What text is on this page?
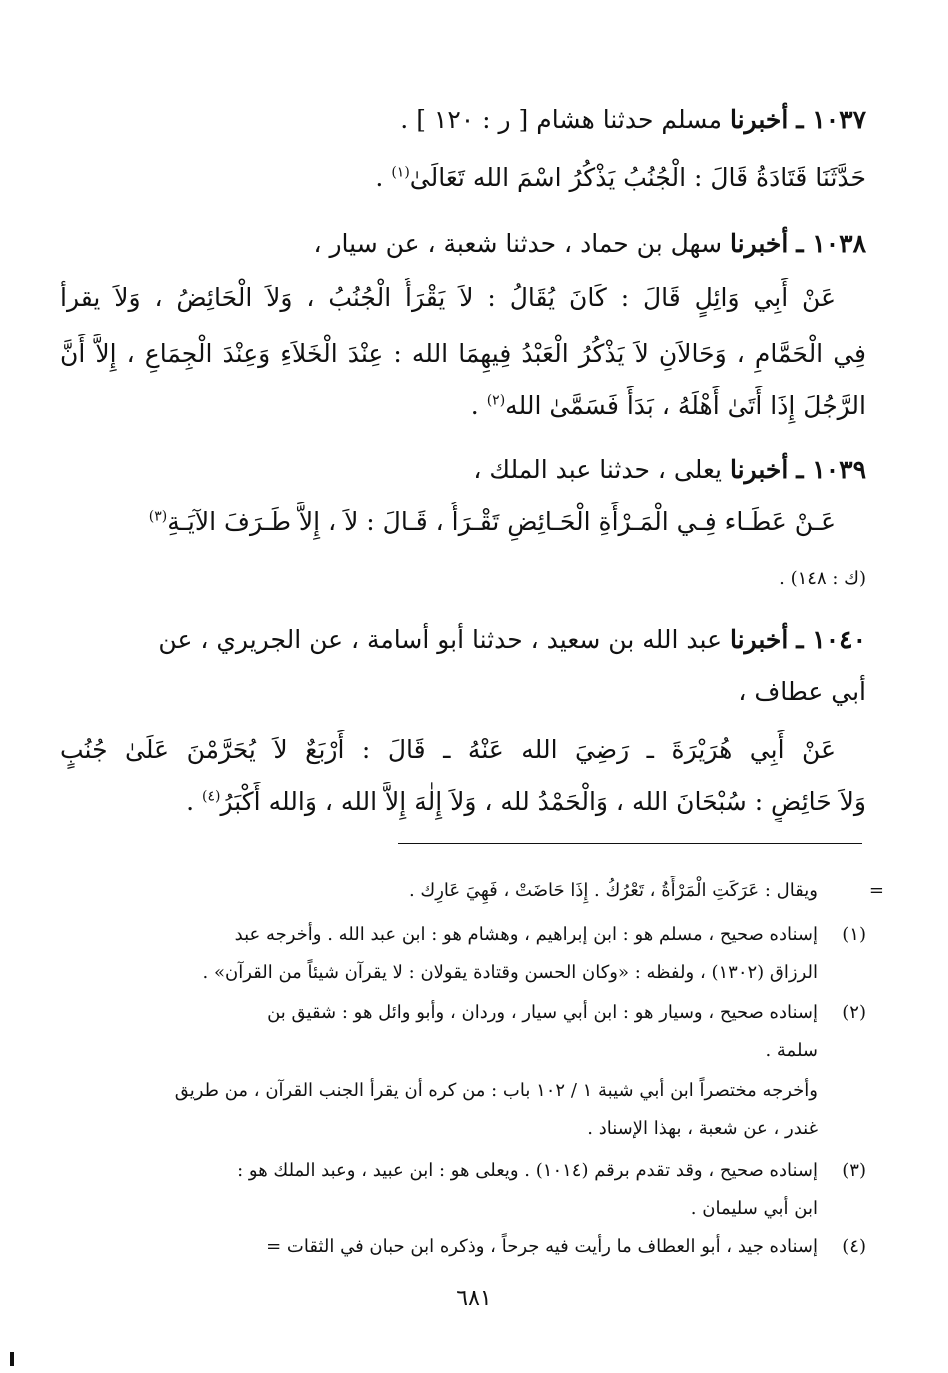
١٠٣٧ ـ أخبرنا مسلم حدثنا هشام [ ر : ١٢٠ ] .
حَدَّثَنَا قَتَادَةُ قَالَ : الْجُنُبُ يَذْكُرُ اسْمَ الله تَعَالَىٰ$^{(١)}$ .
١٠٣٨ ـ أخبرنا سهل بن حماد ، حدثنا شعبة ، عن سيار ،
عَنْ أَبِي وَائِلٍ قَالَ : كَانَ يُقَالُ : لاَ يَقْرَأُ الْجُنُبُ ، وَلاَ الْحَائِضُ ، وَلاَ يقرأ
فِي الْحَمَّامِ ، وَحَالاَنِ لاَ يَذْكُرُ الْعَبْدُ فِيهِمَا الله : عِنْدَ الْخَلاَءِ وَعِنْدَ الْجِمَاعِ ، إِلاَّ أَنَّ
الرَّجُلَ إِذَا أَتَىٰ أَهْلَهُ ، بَدَأَ فَسَمَّىٰ الله$^{(٢)}$ .
١٠٣٩ ـ أخبرنا يعلى ، حدثنا عبد الملك ،
عَـنْ عَطَـاء فِـي الْمَـرْأَةِ الْحَـائِضِ تَقْـرَأُ ، قَـالَ : لاَ ، إِلاَّ طَـرَفَ الآيَـةِ$^{(٣)}$
(ك : ١٤٨) .
١٠٤٠ ـ أخبرنا عبد الله بن سعيد ، حدثنا أبو أسامة ، عن الجريري ، عن
أبي عطاف ،
عَنْ أَبِي هُرَيْرَةَ ـ رَضِيَ الله عَنْهُ ـ قَالَ : أَرْبَعٌ لاَ يُحَرَّمْنَ عَلَىٰ جُنُبٍ
وَلاَ حَائِضٍ : سُبْحَانَ الله ، وَالْحَمْدُ لله ، وَلاَ إِلٰهَ إِلاَّ الله ، وَالله أَكْبَرُ$^{(٤)}$ .
=
ويقال : عَرَكَتِ الْمَرْأَةُ ، تَعْرُكُ . إِذَا حَاضَتْ ، فَهِيَ عَارِك .
(١)
إسناده صحيح ، مسلم هو : ابن إبراهيم ، وهشام هو : ابن عبد الله . وأخرجه عبد
الرزاق (١٣٠٢) ، ولفظه : «وكان الحسن وقتادة يقولان : لا يقرآن شيئاً من القرآن» .
(٢)
إسناده صحيح ، وسيار هو : ابن أبي سيار ، وردان ، وأبو وائل هو : شقيق بن
سلمة .
وأخرجه مختصراً ابن أبي شيبة ١ / ١٠٢ باب : من كره أن يقرأ الجنب القرآن ، من طريق
غندر ، عن شعبة ، بهذا الإسناد .
(٣)
إسناده صحيح ، وقد تقدم برقم (١٠١٤) . ويعلى هو : ابن عبيد ، وعبد الملك هو :
ابن أبي سليمان .
(٤)
إسناده جيد ، أبو العطاف ما رأيت فيه جرحاً ، وذكره ابن حبان في الثقات =
٦٨١
